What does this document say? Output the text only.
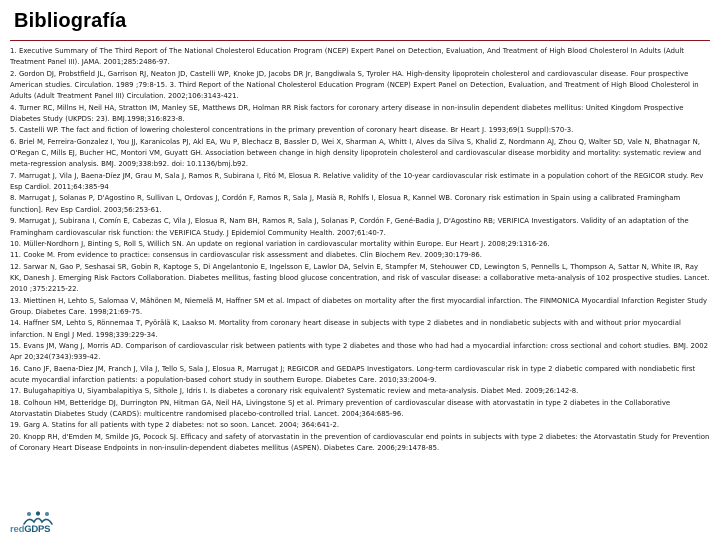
Bibliografía
1. Executive Summary of The Third Report of The National Cholesterol Education Program (NCEP) Expert Panel on Detection, Evaluation, And Treatment of High Blood Cholesterol In Adults (Adult Treatment Panel III). JAMA. 2001;285:2486-97.
2. Gordon DJ, Probstfield JL, Garrison RJ, Neaton JD, Castelli WP, Knoke JD, Jacobs DR Jr, Bangdiwala S, Tyroler HA. High-density lipoprotein cholesterol and cardiovascular disease. Four prospective American studies. Circulation. 1989 ;79:8-15. 3. Third Report of the National Cholesterol Education Program (NCEP) Expert Panel on Detection, Evaluation, and Treatment of High Blood Cholesterol in Adults (Adult Treatment Panel III) Circulation. 2002;106:3143-421.
4. Turner RC, Millns H, Neil HA, Stratton IM, Manley SE, Matthews DR, Holman RR Risk factors for coronary artery disease in non-insulin dependent diabetes mellitus: United Kingdom Prospective Diabetes Study (UKPDS: 23). BMJ.1998;316:823-8.
5. Castelli WP. The fact and fiction of lowering cholesterol concentrations in the primary prevention of coronary heart disease. Br Heart J. 1993;69(1 Suppl):S70-3.
6. Briel M, Ferreira-Gonzalez I, You JJ, Karanicolas PJ, Akl EA, Wu P, Blechacz B, Bassler D, Wei X, Sharman A, Whitt I, Alves da Silva S, Khalid Z, Nordmann AJ, Zhou Q, Walter SD, Vale N, Bhatnagar N, O'Regan C, Mills EJ, Bucher HC, Montori VM, Guyatt GH. Association between change in high density lipoprotein cholesterol and cardiovascular disease morbidity and mortality: systematic review and meta-regression analysis. BMJ. 2009;338:b92. doi: 10.1136/bmj.b92.
7. Marrugat J, Vila J, Baena-Díez JM, Grau M, Sala J, Ramos R, Subirana I, Fitó M, Elosua R. Relative validity of the 10-year cardiovascular risk estimate in a population cohort of the REGICOR study. Rev Esp Cardiol. 2011;64:385-94
8. Marrugat J, Solanas P, D'Agostino R, Sullivan L, Ordovas J, Cordón F, Ramos R, Sala J, Masià R, Rohlfs I, Elosua R, Kannel WB. Coronary risk estimation in Spain using a calibrated Framingham function]. Rev Esp Cardiol. 2003;56:253-61.
9. Marrugat J, Subirana I, Comín E, Cabezas C, Vila J, Elosua R, Nam BH, Ramos R, Sala J, Solanas P, Cordón F, Gené-Badia J, D'Agostino RB; VERIFICA Investigators. Validity of an adaptation of the Framingham cardiovascular risk function: the VERIFICA Study. J Epidemiol Community Health. 2007;61:40-7.
10. Müller-Nordhorn J, Binting S, Roll S, Willich SN. An update on regional variation in cardiovascular mortality within Europe. Eur Heart J. 2008;29:1316-26.
11. Cooke M. From evidence to practice: consensus in cardiovascular risk assessment and diabetes. Clin Biochem Rev. 2009;30:179-86.
12. Sarwar N, Gao P, Seshasai SR, Gobin R, Kaptoge S, Di Angelantonio E, Ingelsson E, Lawlor DA, Selvin E, Stampfer M, Stehouwer CD, Lewington S, Pennells L, Thompson A, Sattar N, White IR, Ray KK, Danesh J. Emerging Risk Factors Collaboration. Diabetes mellitus, fasting blood glucose concentration, and risk of vascular disease: a collaborative meta-analysis of 102 prospective studies. Lancet. 2010 ;375:2215-22.
13. Miettinen H, Lehto S, Salomaa V, Mähönen M, Niemelä M, Haffner SM et al. Impact of diabetes on mortality after the first myocardial infarction. The FINMONICA Myocardial Infarction Register Study Group. Diabetes Care. 1998;21:69-75.
14. Haffner SM, Lehto S, Rönnemaa T, Pyörälä K, Laakso M. Mortality from coronary heart disease in subjects with type 2 diabetes and in nondiabetic subjects with and without prior myocardial infarction. N Engl J Med. 1998;339:229-34.
15. Evans JM, Wang J, Morris AD. Comparison of cardiovascular risk between patients with type 2 diabetes and those who had had a myocardial infarction: cross sectional and cohort studies. BMJ. 2002 Apr 20;324(7343):939-42.
16. Cano JF, Baena-Diez JM, Franch J, Vila J, Tello S, Sala J, Elosua R, Marrugat J; REGICOR and GEDAPS Investigators. Long-term cardiovascular risk in type 2 diabetic compared with nondiabetic first acute myocardial infarction patients: a population-based cohort study in southern Europe. Diabetes Care. 2010;33:2004-9.
17. Bulugahapitiya U, Siyambalapitiya S, Sithole J, Idris I. Is diabetes a coronary risk equivalent? Systematic review and meta-analysis. Diabet Med. 2009;26:142-8.
18. Colhoun HM, Betteridge DJ, Durrington PN, Hitman GA, Neil HA, Livingstone SJ et al. Primary prevention of cardiovascular disease with atorvastatin in type 2 diabetes in the Collaborative Atorvastatin Diabetes Study (CARDS): multicentre randomised placebo-controlled trial. Lancet. 2004;364:685-96.
19. Garg A. Statins for all patients with type 2 diabetes: not so soon. Lancet. 2004; 364:641-2.
20. Knopp RH, d'Emden M, Smilde JG, Pocock SJ. Efficacy and safety of atorvastatin in the prevention of cardiovascular end points in subjects with type 2 diabetes: the Atorvastatin Study for Prevention of Coronary Heart Disease Endpoints in non-insulin-dependent diabetes mellitus (ASPEN). Diabetes Care. 2006;29:1478-85.
redGDPS
